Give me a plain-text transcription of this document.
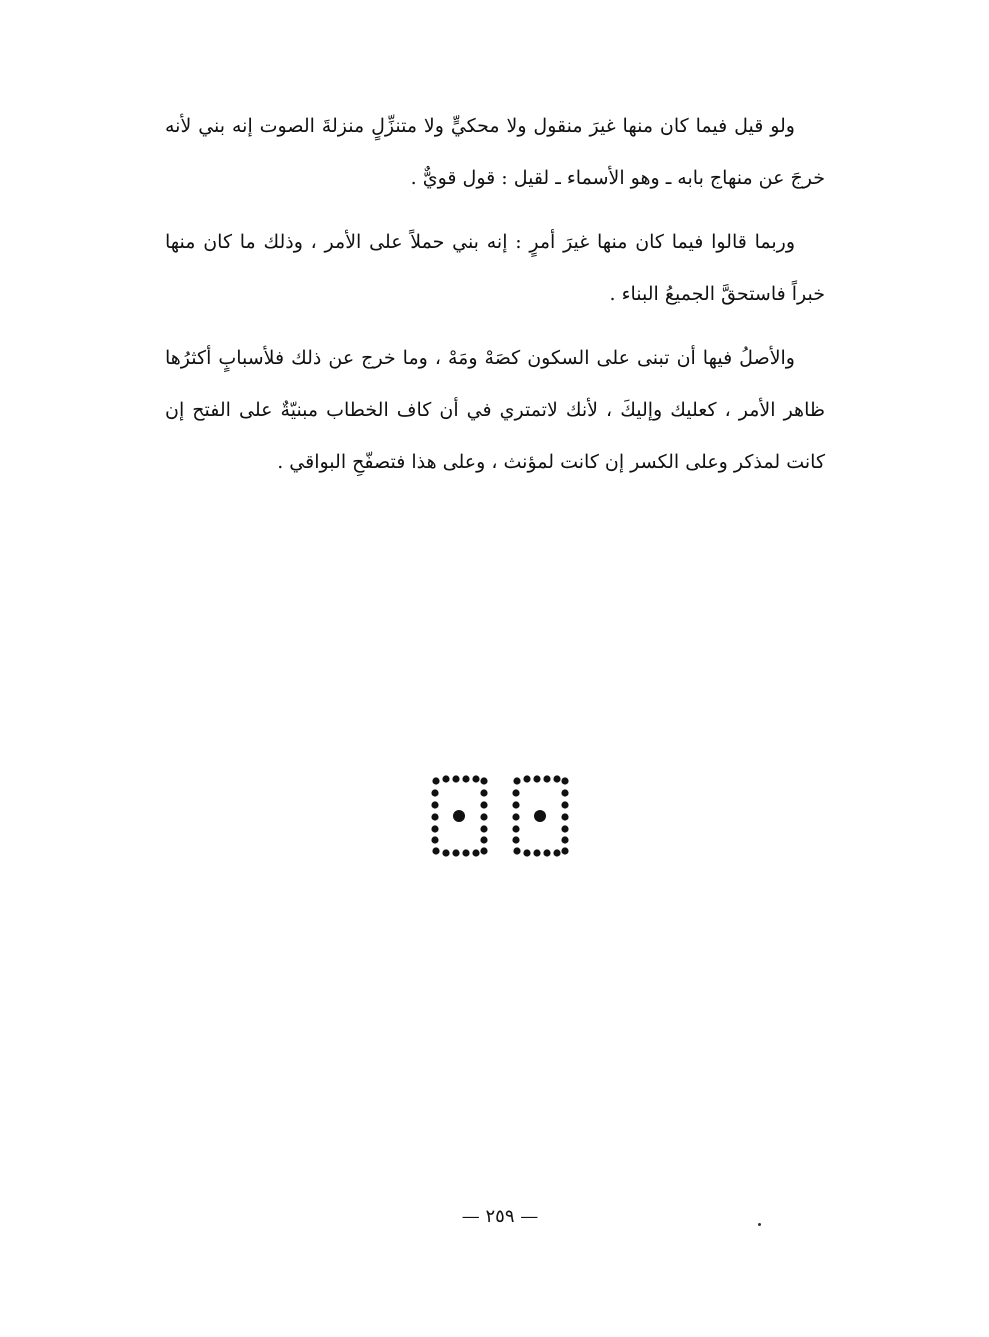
ولو قيل فيما كان منها غيرَ منقول ولا محكيٍّ ولا متنزِّلٍ منزلةَ الصوت إنه بني لأنه خرجَ عن منهاج بابه ـ وهو الأسماء ـ لقيل : قول قويٌّ .

وربما قالوا فيما كان منها غيرَ أمرٍ : إنه بني حملاً على الأمر ، وذلك ما كان منها خبراً فاستحقَّ الجميعُ البناء .

والأصلُ فيها أن تبنى على السكون كصَهْ ومَهْ ، وما خرج عن ذلك فلأسبابٍ أكثرُها ظاهر الأمر ، كعليك وإليكَ ، لأنك لاتمتري في أن كاف الخطاب مبنيّةٌ على الفتح إن كانت لمذكر وعلى الكسر إن كانت لمؤنث ، وعلى هذا فتصفّحِ البواقي .

— ٢٥٩ —
